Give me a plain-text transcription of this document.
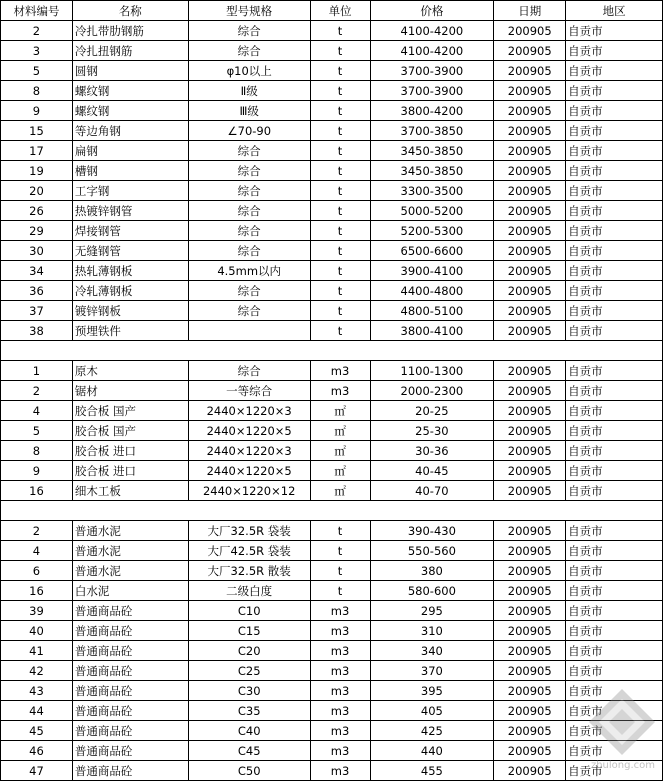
材料编号	名称	型号规格	单位	价格	日期	地区
2	冷扎带肋钢筋	综合	t	4100-4200	200905	自贡市
3	冷扎扭钢筋	综合	t	4100-4200	200905	自贡市
5	圆钢	φ10以上	t	3700-3900	200905	自贡市
8	螺纹钢	Ⅱ级	t	3700-3900	200905	自贡市
9	螺纹钢	Ⅲ级	t	3800-4200	200905	自贡市
15	等边角钢	∠70-90	t	3700-3850	200905	自贡市
17	扁钢	综合	t	3450-3850	200905	自贡市
19	槽钢	综合	t	3450-3850	200905	自贡市
20	工字钢	综合	t	3300-3500	200905	自贡市
26	热镀锌钢管	综合	t	5000-5200	200905	自贡市
29	焊接钢管	综合	t	5200-5300	200905	自贡市
30	无缝钢管	综合	t	6500-6600	200905	自贡市
34	热轧薄钢板	4.5mm以内	t	3900-4100	200905	自贡市
36	冷轧薄钢板	综合	t	4400-4800	200905	自贡市
37	镀锌钢板	综合	t	4800-5100	200905	自贡市
38	预埋铁件		t	3800-4100	200905	自贡市

1	原木	综合	m3	1100-1300	200905	自贡市
2	锯材	一等综合	m3	2000-2300	200905	自贡市
4	胶合板 国产	2440×1220×3	㎡	20-25	200905	自贡市
5	胶合板 国产	2440×1220×5	㎡	25-30	200905	自贡市
8	胶合板 进口	2440×1220×3	㎡	30-36	200905	自贡市
9	胶合板 进口	2440×1220×5	㎡	40-45	200905	自贡市
16	细木工板	2440×1220×12	㎡	40-70	200905	自贡市

2	普通水泥	大厂32.5R 袋装	t	390-430	200905	自贡市
4	普通水泥	大厂42.5R 袋装	t	550-560	200905	自贡市
6	普通水泥	大厂32.5R 散装	t	380	200905	自贡市
16	白水泥	二级白度	t	580-600	200905	自贡市
39	普通商品砼	C10	m3	295	200905	自贡市
40	普通商品砼	C15	m3	310	200905	自贡市
41	普通商品砼	C20	m3	340	200905	自贡市
42	普通商品砼	C25	m3	370	200905	自贡市
43	普通商品砼	C30	m3	395	200905	自贡市
44	普通商品砼	C35	m3	405	200905	自贡市
45	普通商品砼	C40	m3	425	200905	自贡市
46	普通商品砼	C45	m3	440	200905	自贡市
47	普通商品砼	C50	m3	455	200905	自贡市
zhulong.com
